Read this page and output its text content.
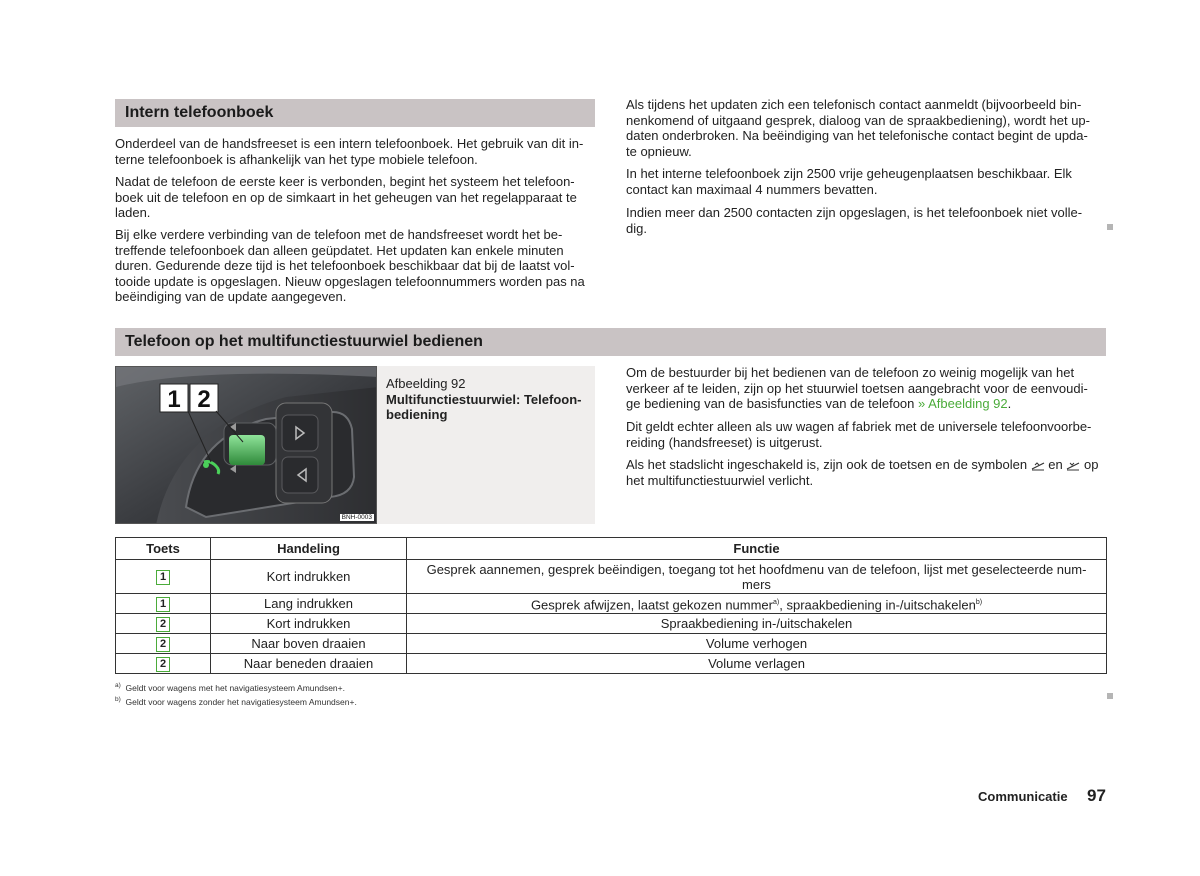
Intern telefoonboek

Onderdeel van de handsfreeset is een intern telefoonboek. Het gebruik van dit in-
terne telefoonboek is afhankelijk van het type mobiele telefoon.

Nadat de telefoon de eerste keer is verbonden, begint het systeem het telefoon-
boek uit de telefoon en op de simkaart in het geheugen van het regelapparaat te
laden.

Bij elke verdere verbinding van de telefoon met de handsfreeset wordt het be-
treffende telefoonboek dan alleen geüpdatet. Het updaten kan enkele minuten
duren. Gedurende deze tijd is het telefoonboek beschikbaar dat bij de laatst vol-
tooide update is opgeslagen. Nieuw opgeslagen telefoonnummers worden pas na
beëindiging van de update aangegeven.

Als tijdens het updaten zich een telefonisch contact aanmeldt (bijvoorbeeld bin-
nenkomend of uitgaand gesprek, dialoog van de spraakbediening), wordt het up-
daten onderbroken. Na beëindiging van het telefonische contact begint de upda-
te opnieuw.

In het interne telefoonboek zijn 2500 vrije geheugenplaatsen beschikbaar. Elk
contact kan maximaal 4 nummers bevatten.

Indien meer dan 2500 contacten zijn opgeslagen, is het telefoonboek niet volle-
dig.

Telefoon op het multifunctiestuurwiel bedienen
1 2
BNH-0003
Afbeelding 92
Multifunctiestuurwiel: Telefoon-
bediening

Om de bestuurder bij het bedienen van de telefoon zo weinig mogelijk van het
verkeer af te leiden, zijn op het stuurwiel toetsen aangebracht voor de eenvoudi-
ge bediening van de basisfuncties van de telefoon » Afbeelding 92.

Dit geldt echter alleen als uw wagen af fabriek met de universele telefoonvoorbe-
reiding (handsfreeset) is uitgerust.

Als het stadslicht ingeschakeld is, zijn ook de toetsen en de symbolen  en  op
het multifunctiestuurwiel verlicht.

Toets	Handeling	Functie
1	Kort indrukken	Gesprek aannemen, gesprek beëindigen, toegang tot het hoofdmenu van de telefoon, lijst met geselecteerde num-
mers
1	Lang indrukken	Gesprek afwijzen, laatst gekozen nummer$^{a)}$, spraakbediening in-/uitschakelen$^{b)}$
2	Kort indrukken	Spraakbediening in-/uitschakelen
2	Naar boven draaien	Volume verhogen
2	Naar beneden draaien	Volume verlagen
$^{a)}$ Geldt voor wagens met het navigatiesysteem Amundsen+.
$^{b)}$ Geldt voor wagens zonder het navigatiesysteem Amundsen+.
Communicatie 97
